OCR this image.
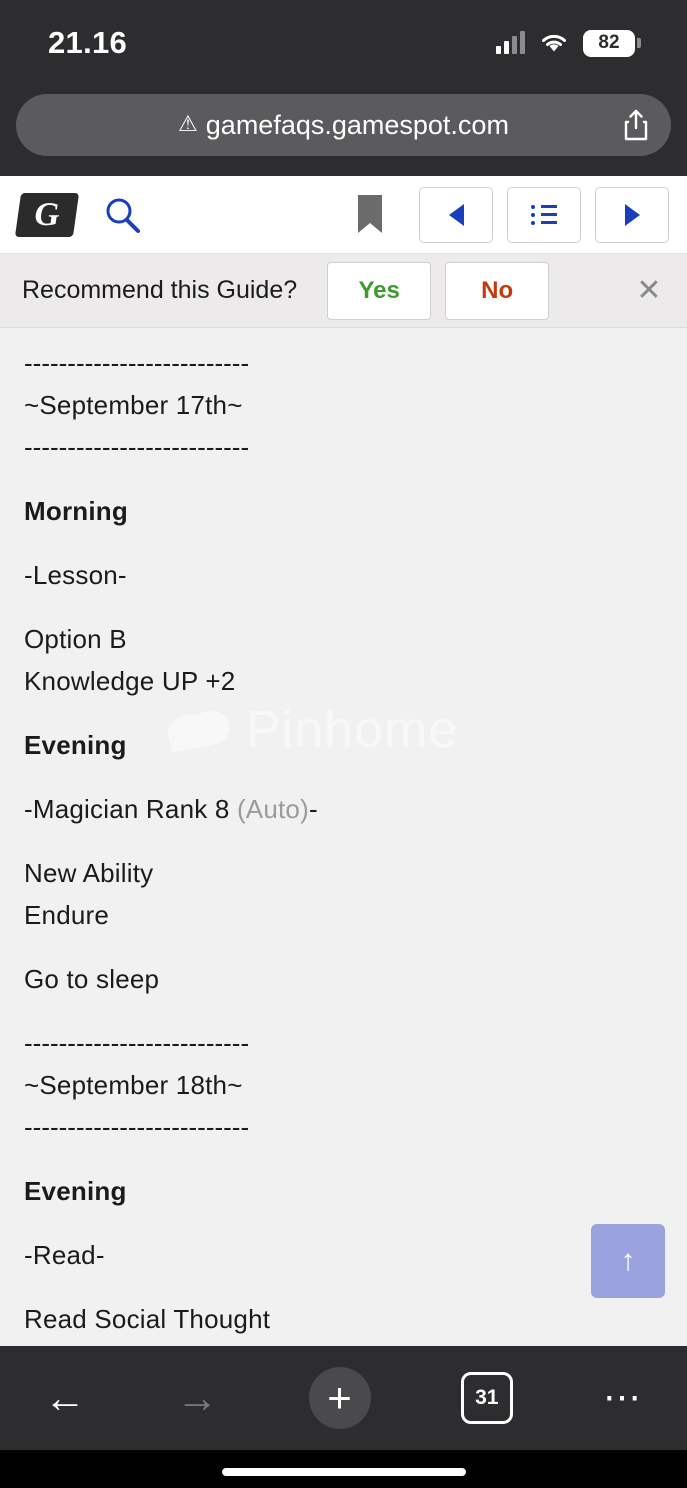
21.16	82
⚠ gamefaqs.gamespot.com
G
Recommend this Guide?	Yes	No	✕
--------------------------
~September 17th~
--------------------------
Morning
-Lesson-
Option B
Knowledge UP +2
Evening
-Magician Rank 8 (Auto)-
New Ability
Endure
Go to sleep
--------------------------
~September 18th~
--------------------------
Evening
-Read-
Read Social Thought
Pinhome
↑
← →	+	31	⋯
